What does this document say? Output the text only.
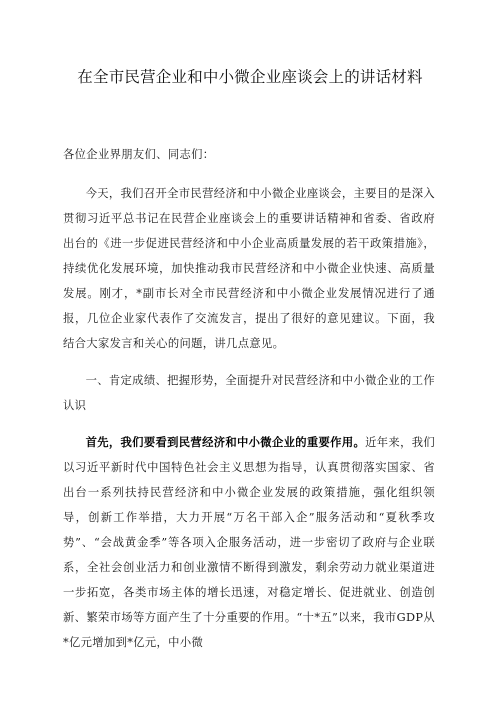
在全市民营企业和中小微企业座谈会上的讲话材料

各位企业界朋友们、同志们：

今天，我们召开全市民营经济和中小微企业座谈会，主要目的是深入贯彻习近平总书记在民营企业座谈会上的重要讲话精神和省委、省政府出台的《进一步促进民营经济和中小企业高质量发展的若干政策措施》，持续优化发展环境，加快推动我市民营经济和中小微企业快速、高质量发展。刚才，*副市长对全市民营经济和中小微企业发展情况进行了通报，几位企业家代表作了交流发言，提出了很好的意见建议。下面，我结合大家发言和关心的问题，讲几点意见。

一、肯定成绩、把握形势，全面提升对民营经济和中小微企业的工作认识

首先，我们要看到民营经济和中小微企业的重要作用。近年来，我们以习近平新时代中国特色社会主义思想为指导，认真贯彻落实国家、省出台一系列扶持民营经济和中小微企业发展的政策措施，强化组织领导，创新工作举措，大力开展“万名干部入企”服务活动和“夏秋季攻势”、“会战黄金季”等各项入企服务活动，进一步密切了政府与企业联系，全社会创业活力和创业激情不断得到激发，剩余劳动力就业渠道进一步拓宽，各类市场主体的增长迅速，对稳定增长、促进就业、创造创新、繁荣市场等方面产生了十分重要的作用。“十*五”以来，我市GDP从*亿元增加到*亿元，中小微
